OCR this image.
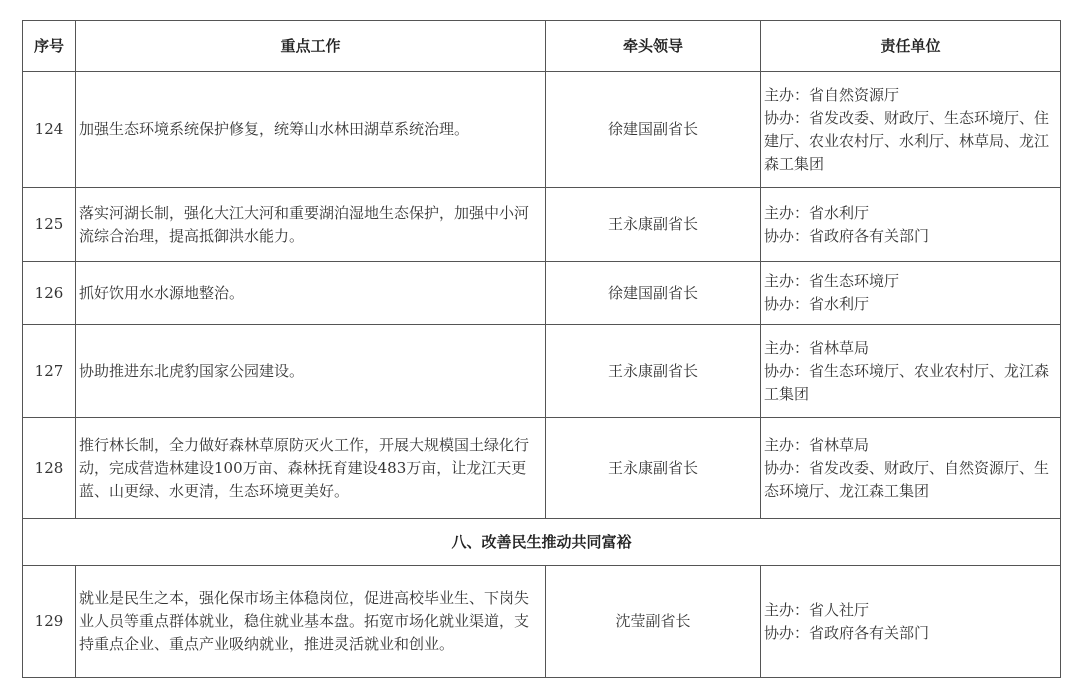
序号	重点工作	牵头领导	责任单位
124	加强生态环境系统保护修复，统筹山水林田湖草系统治理。	徐建国副省长	主办：省自然资源厅
协办：省发改委、财政厅、生态环境厅、住建厅、农业农村厅、水利厅、林草局、龙江森工集团

125	落实河湖长制，强化大江大河和重要湖泊湿地生态保护，加强中小河流综合治理，提高抵御洪水能力。	王永康副省长	主办：省水利厅
协办：省政府各有关部门

126	抓好饮用水水源地整治。	徐建国副省长	主办：省生态环境厅
协办：省水利厅

127	协助推进东北虎豹国家公园建设。	王永康副省长	主办：省林草局
协办：省生态环境厅、农业农村厅、龙江森工集团

128	推行林长制，全力做好森林草原防灭火工作，开展大规模国土绿化行动，完成营造林建设100万亩、森林抚育建设483万亩，让龙江天更蓝、山更绿、水更清，生态环境更美好。	王永康副省长	主办：省林草局
协办：省发改委、财政厅、自然资源厅、生态环境厅、龙江森工集团

八、改善民生推动共同富裕			
129	就业是民生之本，强化保市场主体稳岗位，促进高校毕业生、下岗失业人员等重点群体就业，稳住就业基本盘。拓宽市场化就业渠道，支持重点企业、重点产业吸纳就业，推进灵活就业和创业。	沈莹副省长	主办：省人社厅
协办：省政府各有关部门
